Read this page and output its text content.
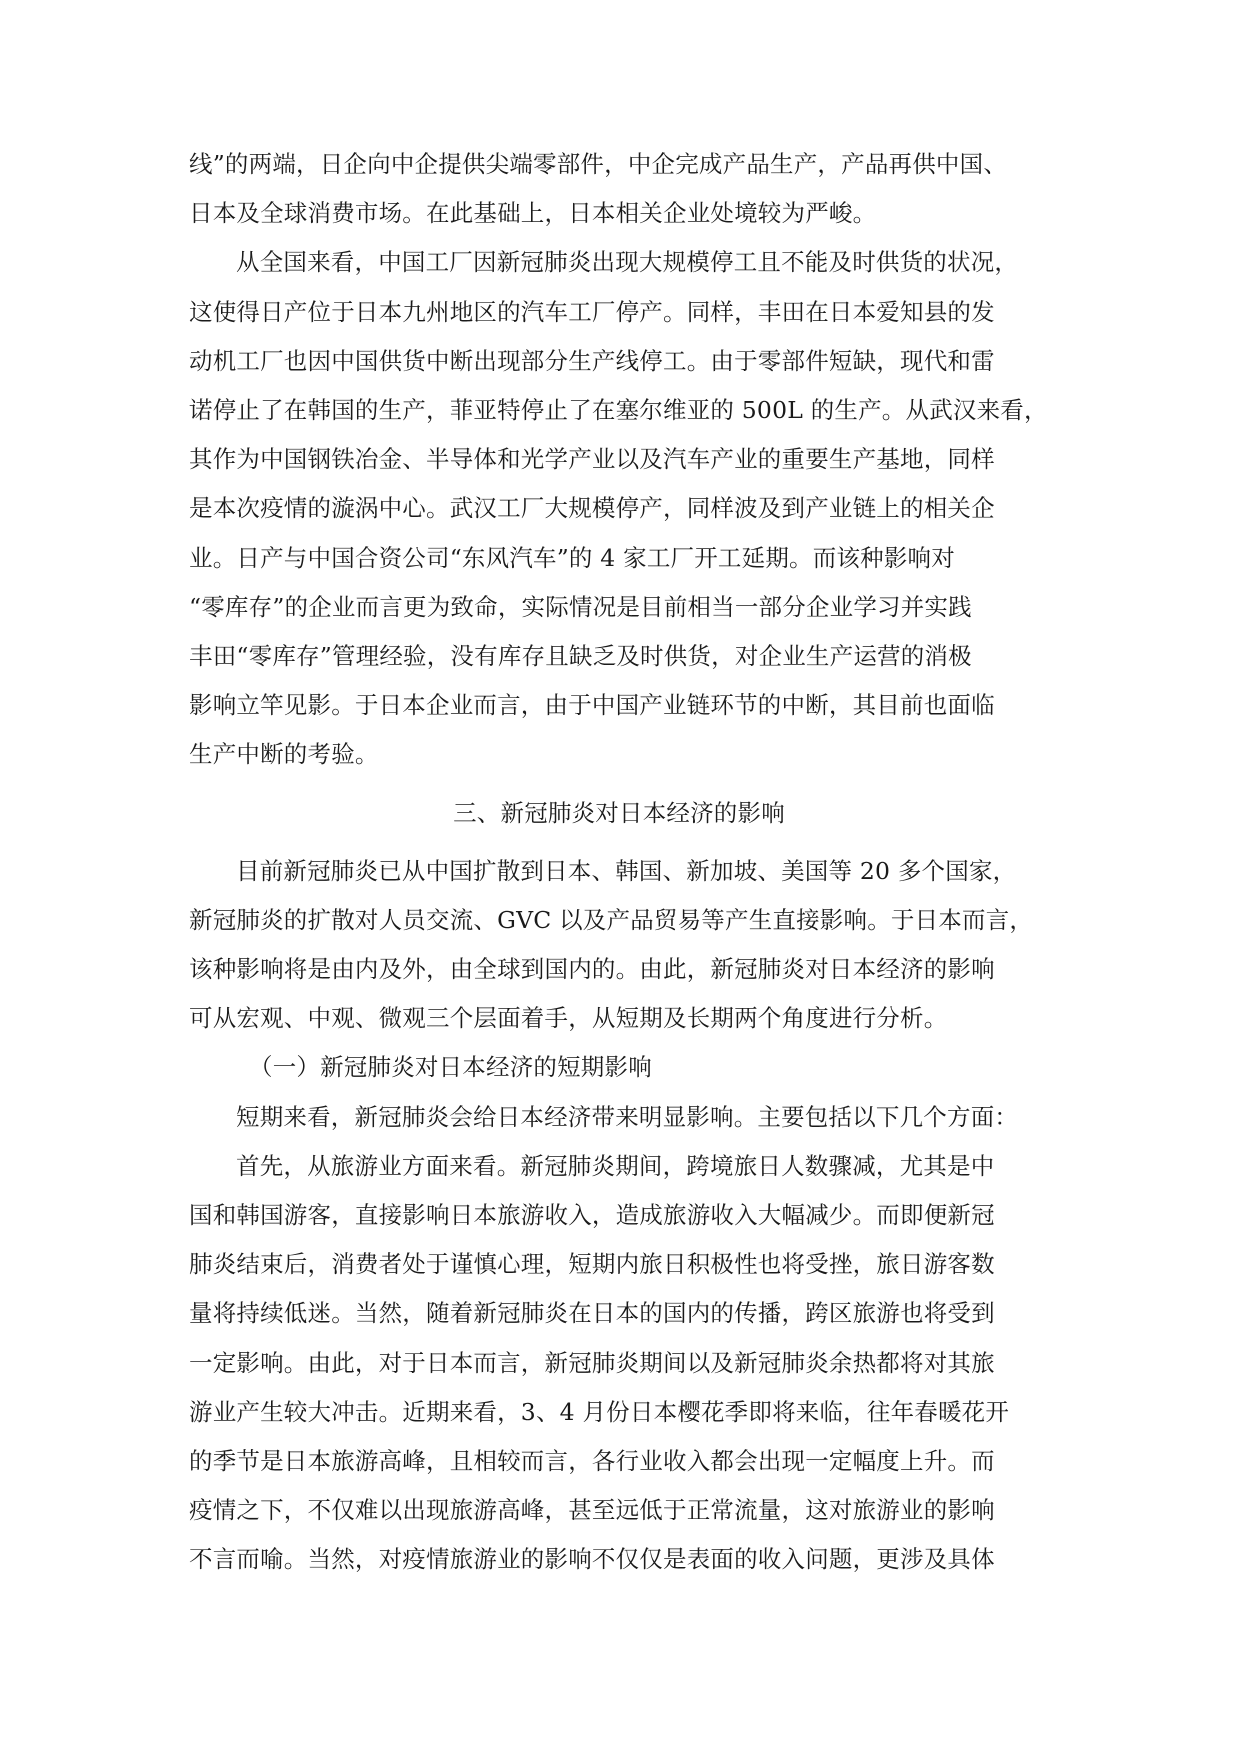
线”的两端，日企向中企提供尖端零部件，中企完成产品生产，产品再供中国、
日本及全球消费市场。在此基础上，日本相关企业处境较为严峻。
从全国来看，中国工厂因新冠肺炎出现大规模停工且不能及时供货的状况，
这使得日产位于日本九州地区的汽车工厂停产。同样，丰田在日本爱知县的发
动机工厂也因中国供货中断出现部分生产线停工。由于零部件短缺，现代和雷
诺停止了在韩国的生产，菲亚特停止了在塞尔维亚的 500L 的生产。从武汉来看，
其作为中国钢铁冶金、半导体和光学产业以及汽车产业的重要生产基地，同样
是本次疫情的漩涡中心。武汉工厂大规模停产，同样波及到产业链上的相关企
业。日产与中国合资公司“东风汽车”的 4 家工厂开工延期。而该种影响对
“零库存”的企业而言更为致命，实际情况是目前相当一部分企业学习并实践
丰田“零库存”管理经验，没有库存且缺乏及时供货，对企业生产运营的消极
影响立竿见影。于日本企业而言，由于中国产业链环节的中断，其目前也面临
生产中断的考验。
三、新冠肺炎对日本经济的影响
目前新冠肺炎已从中国扩散到日本、韩国、新加坡、美国等 20 多个国家，
新冠肺炎的扩散对人员交流、GVC 以及产品贸易等产生直接影响。于日本而言，
该种影响将是由内及外，由全球到国内的。由此，新冠肺炎对日本经济的影响
可从宏观、中观、微观三个层面着手，从短期及长期两个角度进行分析。
（一）新冠肺炎对日本经济的短期影响
短期来看，新冠肺炎会给日本经济带来明显影响。主要包括以下几个方面：
首先，从旅游业方面来看。新冠肺炎期间，跨境旅日人数骤减，尤其是中
国和韩国游客，直接影响日本旅游收入，造成旅游收入大幅减少。而即便新冠
肺炎结束后，消费者处于谨慎心理，短期内旅日积极性也将受挫，旅日游客数
量将持续低迷。当然，随着新冠肺炎在日本的国内的传播，跨区旅游也将受到
一定影响。由此，对于日本而言，新冠肺炎期间以及新冠肺炎余热都将对其旅
游业产生较大冲击。近期来看，3、4 月份日本樱花季即将来临，往年春暖花开
的季节是日本旅游高峰，且相较而言，各行业收入都会出现一定幅度上升。而
疫情之下，不仅难以出现旅游高峰，甚至远低于正常流量，这对旅游业的影响
不言而喻。当然，对疫情旅游业的影响不仅仅是表面的收入问题，更涉及具体
